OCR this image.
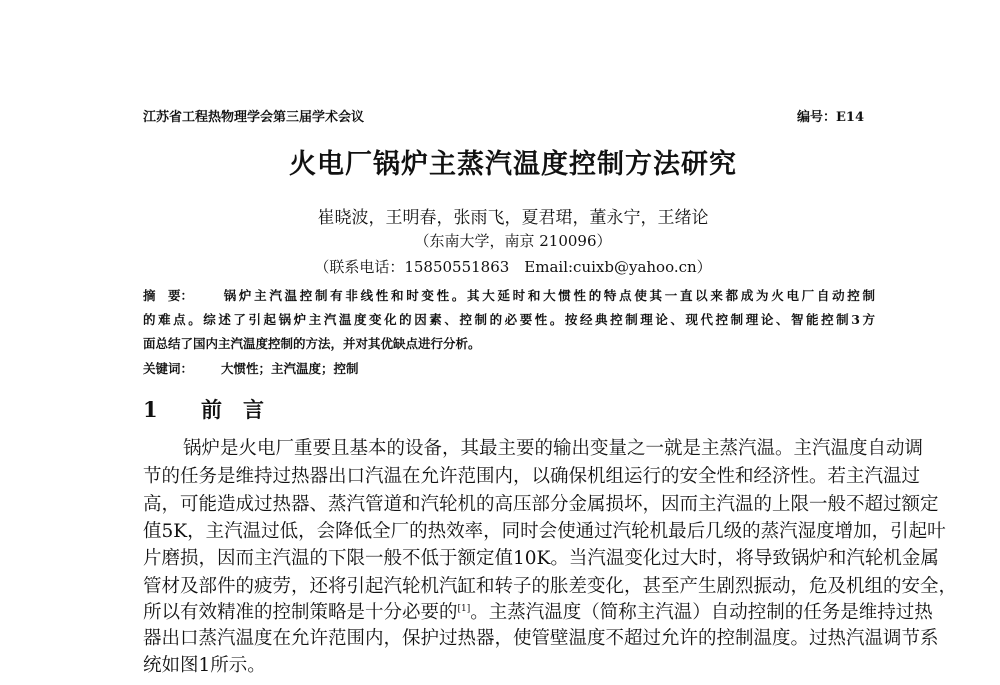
江苏省工程热物理学会第三届学术会议	编号：E14
火电厂锅炉主蒸汽温度控制方法研究
崔晓波，王明春，张雨飞，夏君珺，董永宁，王绪论
（东南大学，南京 210096）
（联系电话：15850551863　Email:cuixb@yahoo.cn）
摘　要： 锅炉主汽温控制有非线性和时变性。其大延时和大惯性的特点使其一直以来都成为火电厂自动控制
的难点。综述了引起锅炉主汽温度变化的因素、控制的必要性。按经典控制理论、现代控制理论、智能控制3方
面总结了国内主汽温度控制的方法，并对其优缺点进行分析。
关键词： 大惯性；主汽温度；控制
1 前　言
锅炉是火电厂重要且基本的设备，其最主要的输出变量之一就是主蒸汽温。主汽温度自动调
节的任务是维持过热器出口汽温在允许范围内，以确保机组运行的安全性和经济性。若主汽温过
高，可能造成过热器、蒸汽管道和汽轮机的高压部分金属损坏，因而主汽温的上限一般不超过额定
值5K，主汽温过低，会降低全厂的热效率，同时会使通过汽轮机最后几级的蒸汽湿度增加，引起叶
片磨损，因而主汽温的下限一般不低于额定值10K。当汽温变化过大时，将导致锅炉和汽轮机金属
管材及部件的疲劳，还将引起汽轮机汽缸和转子的胀差变化，甚至产生剧烈振动，危及机组的安全，
所以有效精准的控制策略是十分必要的[1]。主蒸汽温度（简称主汽温）自动控制的任务是维持过热
器出口蒸汽温度在允许范围内，保护过热器，使管壁温度不超过允许的控制温度。过热汽温调节系
统如图1所示。
